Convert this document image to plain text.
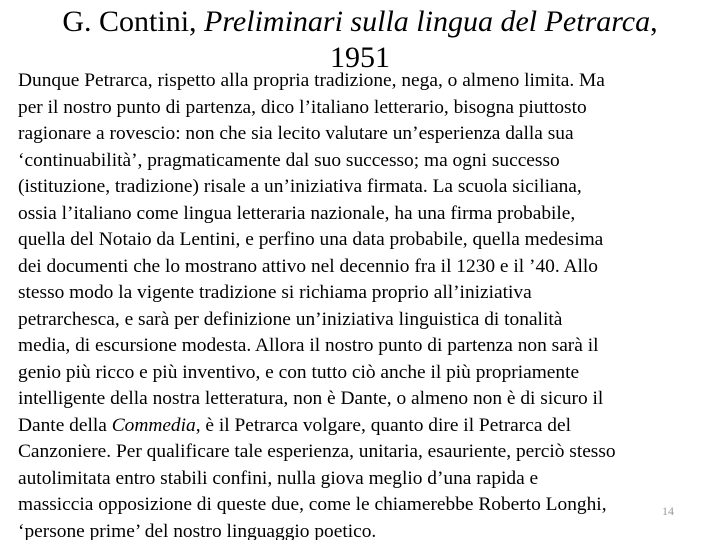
G. Contini, Preliminari sulla lingua del Petrarca, 1951
Dunque Petrarca, rispetto alla propria tradizione, nega, o almeno limita. Ma
per il nostro punto di partenza, dico l’italiano letterario, bisogna piuttosto
ragionare a rovescio: non che sia lecito valutare un’esperienza dalla sua
‘continuabilità’, pragmaticamente dal suo successo; ma ogni successo
(istituzione, tradizione) risale a un’iniziativa firmata. La scuola siciliana,
ossia l’italiano come lingua letteraria nazionale, ha una firma probabile,
quella del Notaio da Lentini, e perfino una data probabile, quella medesima
dei documenti che lo mostrano attivo nel decennio fra il 1230 e il ’40. Allo
stesso modo la vigente tradizione si richiama proprio all’iniziativa
petrarchesca, e sarà per definizione un’iniziativa linguistica di tonalità
media, di escursione modesta. Allora il nostro punto di partenza non sarà il
genio più ricco e più inventivo, e con tutto ciò anche il più propriamente
intelligente della nostra letteratura, non è Dante, o almeno non è di sicuro il
Dante della Commedia, è il Petrarca volgare, quanto dire il Petrarca del
Canzoniere. Per qualificare tale esperienza, unitaria, esauriente, perciò stesso
autolimitata entro stabili confini, nulla giova meglio d’una rapida e
massiccia opposizione di queste due, come le chiamerebbe Roberto Longhi,
‘persone prime’ del nostro linguaggio poetico.
14
